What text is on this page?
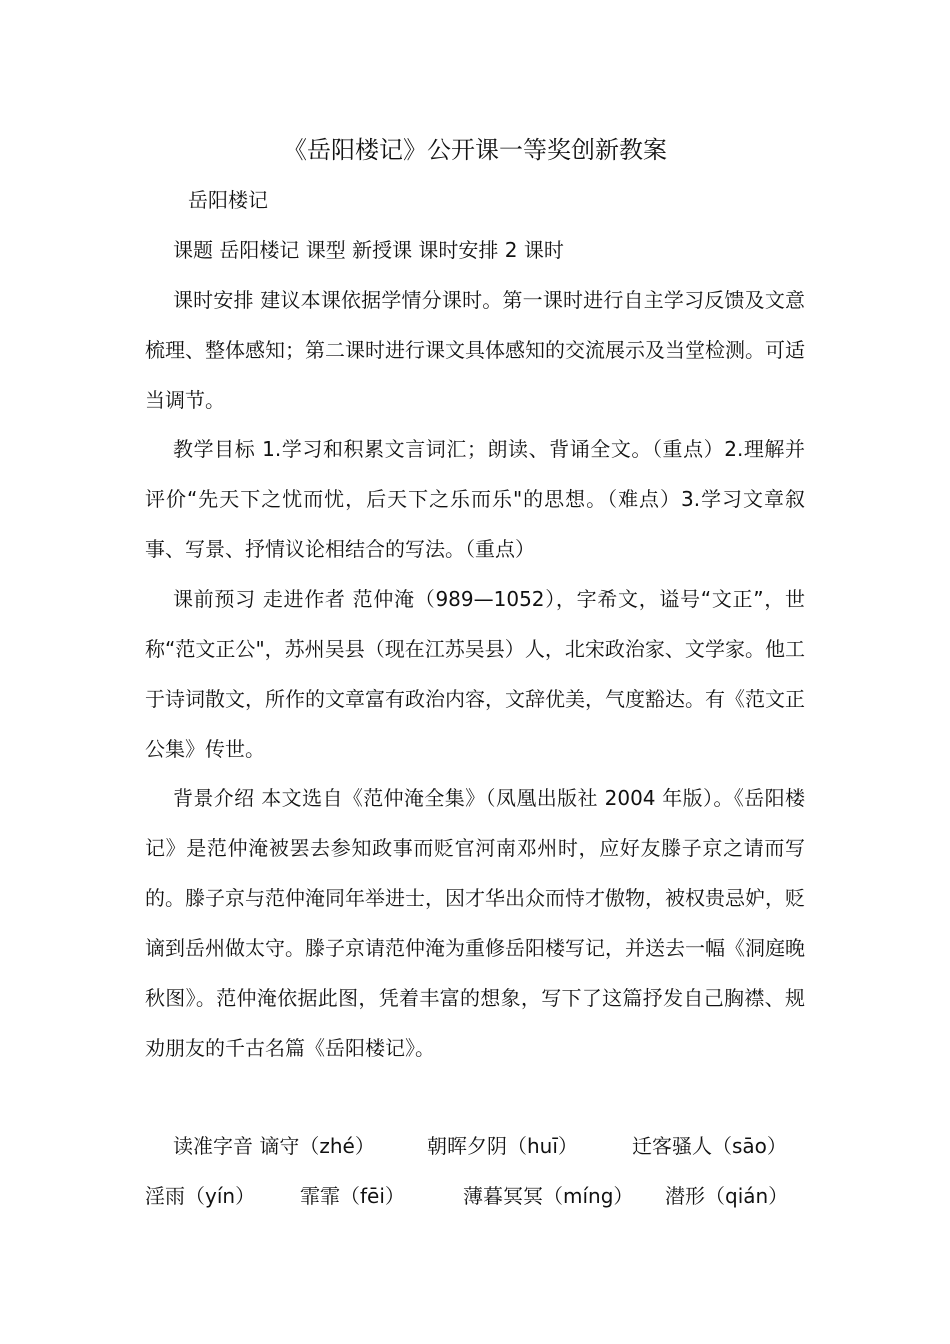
《岳阳楼记》公开课一等奖创新教案
岳阳楼记

课题 岳阳楼记 课型 新授课 课时安排 2 课时

课时安排 建议本课依据学情分课时。第一课时进行自主学习反馈及文意梳理、整体感知；第二课时进行课文具体感知的交流展示及当堂检测。可适当调节。

教学目标 1.学习和积累文言词汇；朗读、背诵全文。（重点）2.理解并评价“先天下之忧而忧，后天下之乐而乐"的思想。（难点）3.学习文章叙事、写景、抒情议论相结合的写法。（重点）

课前预习 走进作者 范仲淹（989—1052），字希文，谥号“文正”，世称“范文正公"，苏州吴县（现在江苏吴县）人，北宋政治家、文学家。他工于诗词散文，所作的文章富有政治内容，文辞优美，气度豁达。有《范文正公集》传世。

背景介绍 本文选自《范仲淹全集》（凤凰出版社 2004 年版）。《岳阳楼记》是范仲淹被罢去参知政事而贬官河南邓州时，应好友滕子京之请而写的。滕子京与范仲淹同年举进士，因才华出众而恃才傲物，被权贵忌妒，贬谪到岳州做太守。滕子京请范仲淹为重修岳阳楼写记，并送去一幅《洞庭晚秋图》。范仲淹依据此图，凭着丰富的想象，写下了这篇抒发自己胸襟、规劝朋友的千古名篇《岳阳楼记》。

读准字音 谪守（zhé）	朝晖夕阴（huī）	迁客骚人（sāo）
淫雨（yín） 霏霏（fēi）	薄暮冥冥（míng） 潜形（qián）
